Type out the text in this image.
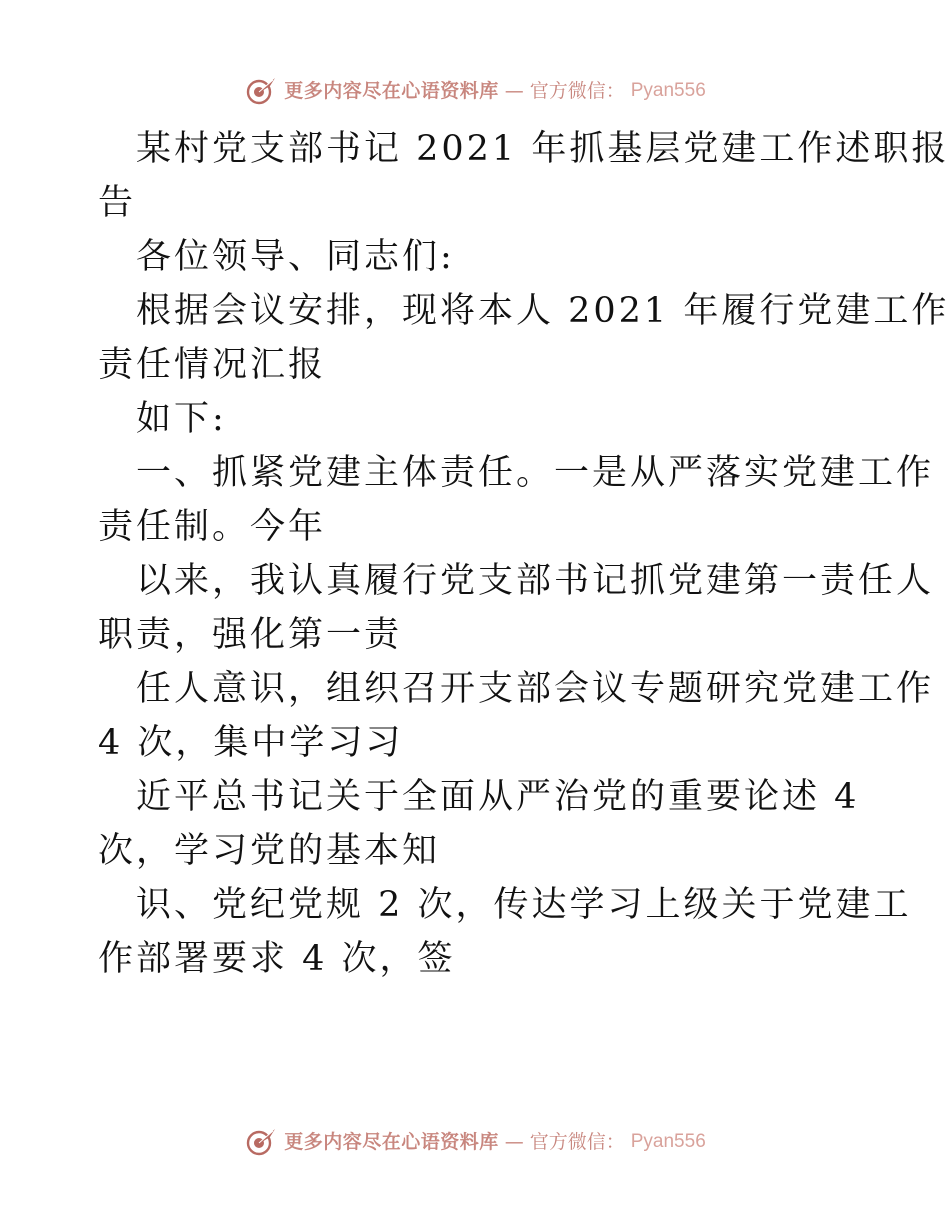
更多内容尽在心语资料库 — 官方微信： Pyan556

某村党支部书记 2021 年抓基层党建工作述职报
告
各位领导、同志们:
根据会议安排，现将本人 2021 年履行党建工作
责任情况汇报
如下:
一、抓紧党建主体责任。一是从严落实党建工作
责任制。今年
以来，我认真履行党支部书记抓党建第一责任人
职责，强化第一责
任人意识，组织召开支部会议专题研究党建工作
4 次，集中学习习
近平总书记关于全面从严治党的重要论述 4
次，学习党的基本知
识、党纪党规 2 次，传达学习上级关于党建工
作部署要求 4 次，签

更多内容尽在心语资料库 — 官方微信： Pyan556
